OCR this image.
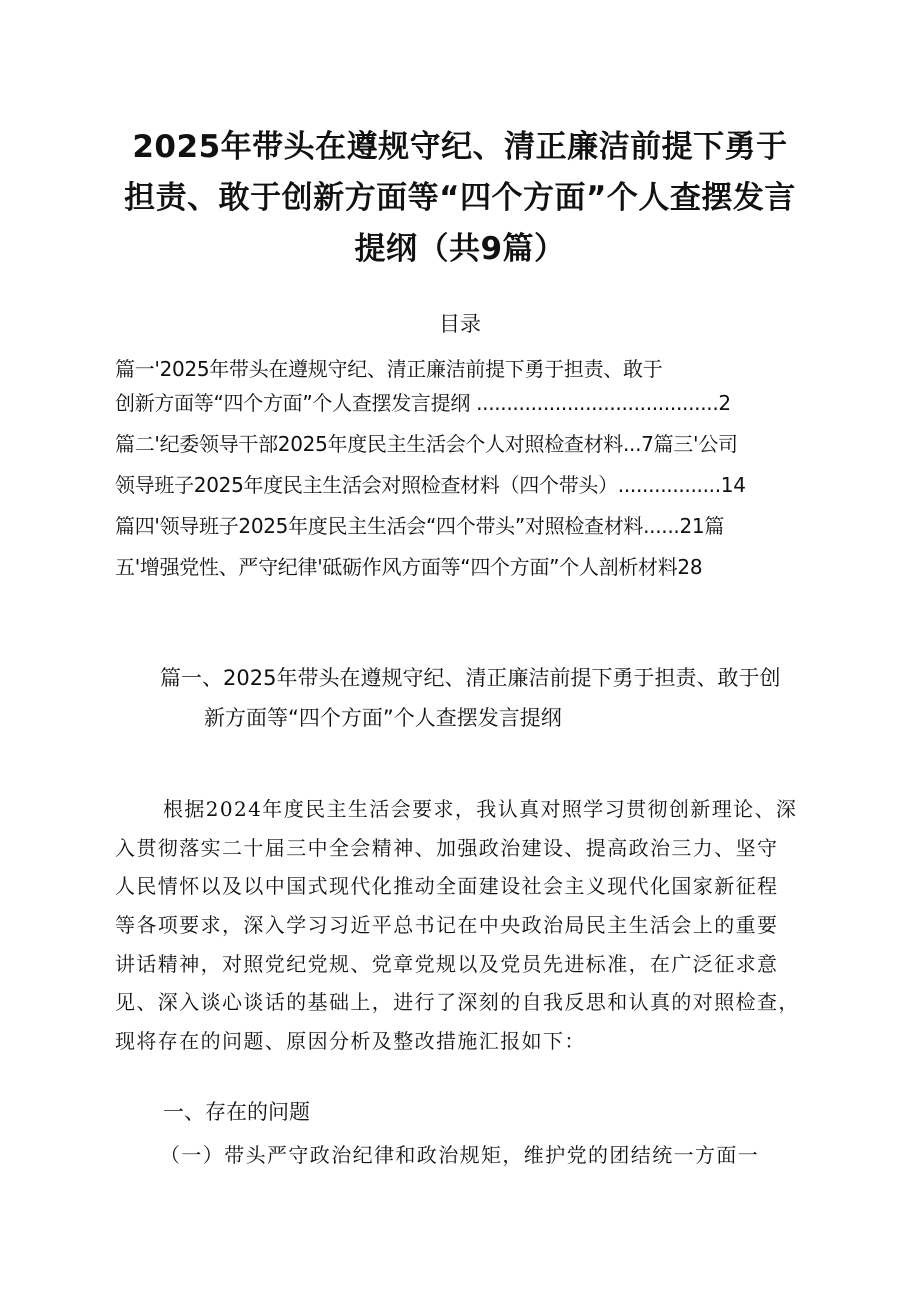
2025年带头在遵规守纪、清正廉洁前提下勇于
担责、敢于创新方面等“四个方面”个人查摆发言
提纲（共9篇）
目录
篇一'2025年带头在遵规守纪、清正廉洁前提下勇于担责、敢于
创新方面等“四个方面”个人查摆发言提纲 ........................................2
篇二'纪委领导干部2025年度民主生活会个人对照检查材料...7篇三'公司
领导班子2025年度民主生活会对照检查材料（四个带头）.................14
篇四'领导班子2025年度民主生活会“四个带头”对照检查材料......21篇
五'增强党性、严守纪律'砥砺作风方面等“四个方面”个人剖析材料28
篇一、2025年带头在遵规守纪、清正廉洁前提下勇于担责、敢于创
新方面等“四个方面”个人查摆发言提纲
根据2024年度民主生活会要求，我认真对照学习贯彻创新理论、深
入贯彻落实二十届三中全会精神、加强政治建设、提高政治三力、坚守
人民情怀以及以中国式现代化推动全面建设社会主义现代化国家新征程
等各项要求，深入学习习近平总书记在中央政治局民主生活会上的重要
讲话精神，对照党纪党规、党章党规以及党员先进标准，在广泛征求意
见、深入谈心谈话的基础上，进行了深刻的自我反思和认真的对照检查，
现将存在的问题、原因分析及整改措施汇报如下：
一、存在的问题
（一）带头严守政治纪律和政治规矩，维护党的团结统一方面一
